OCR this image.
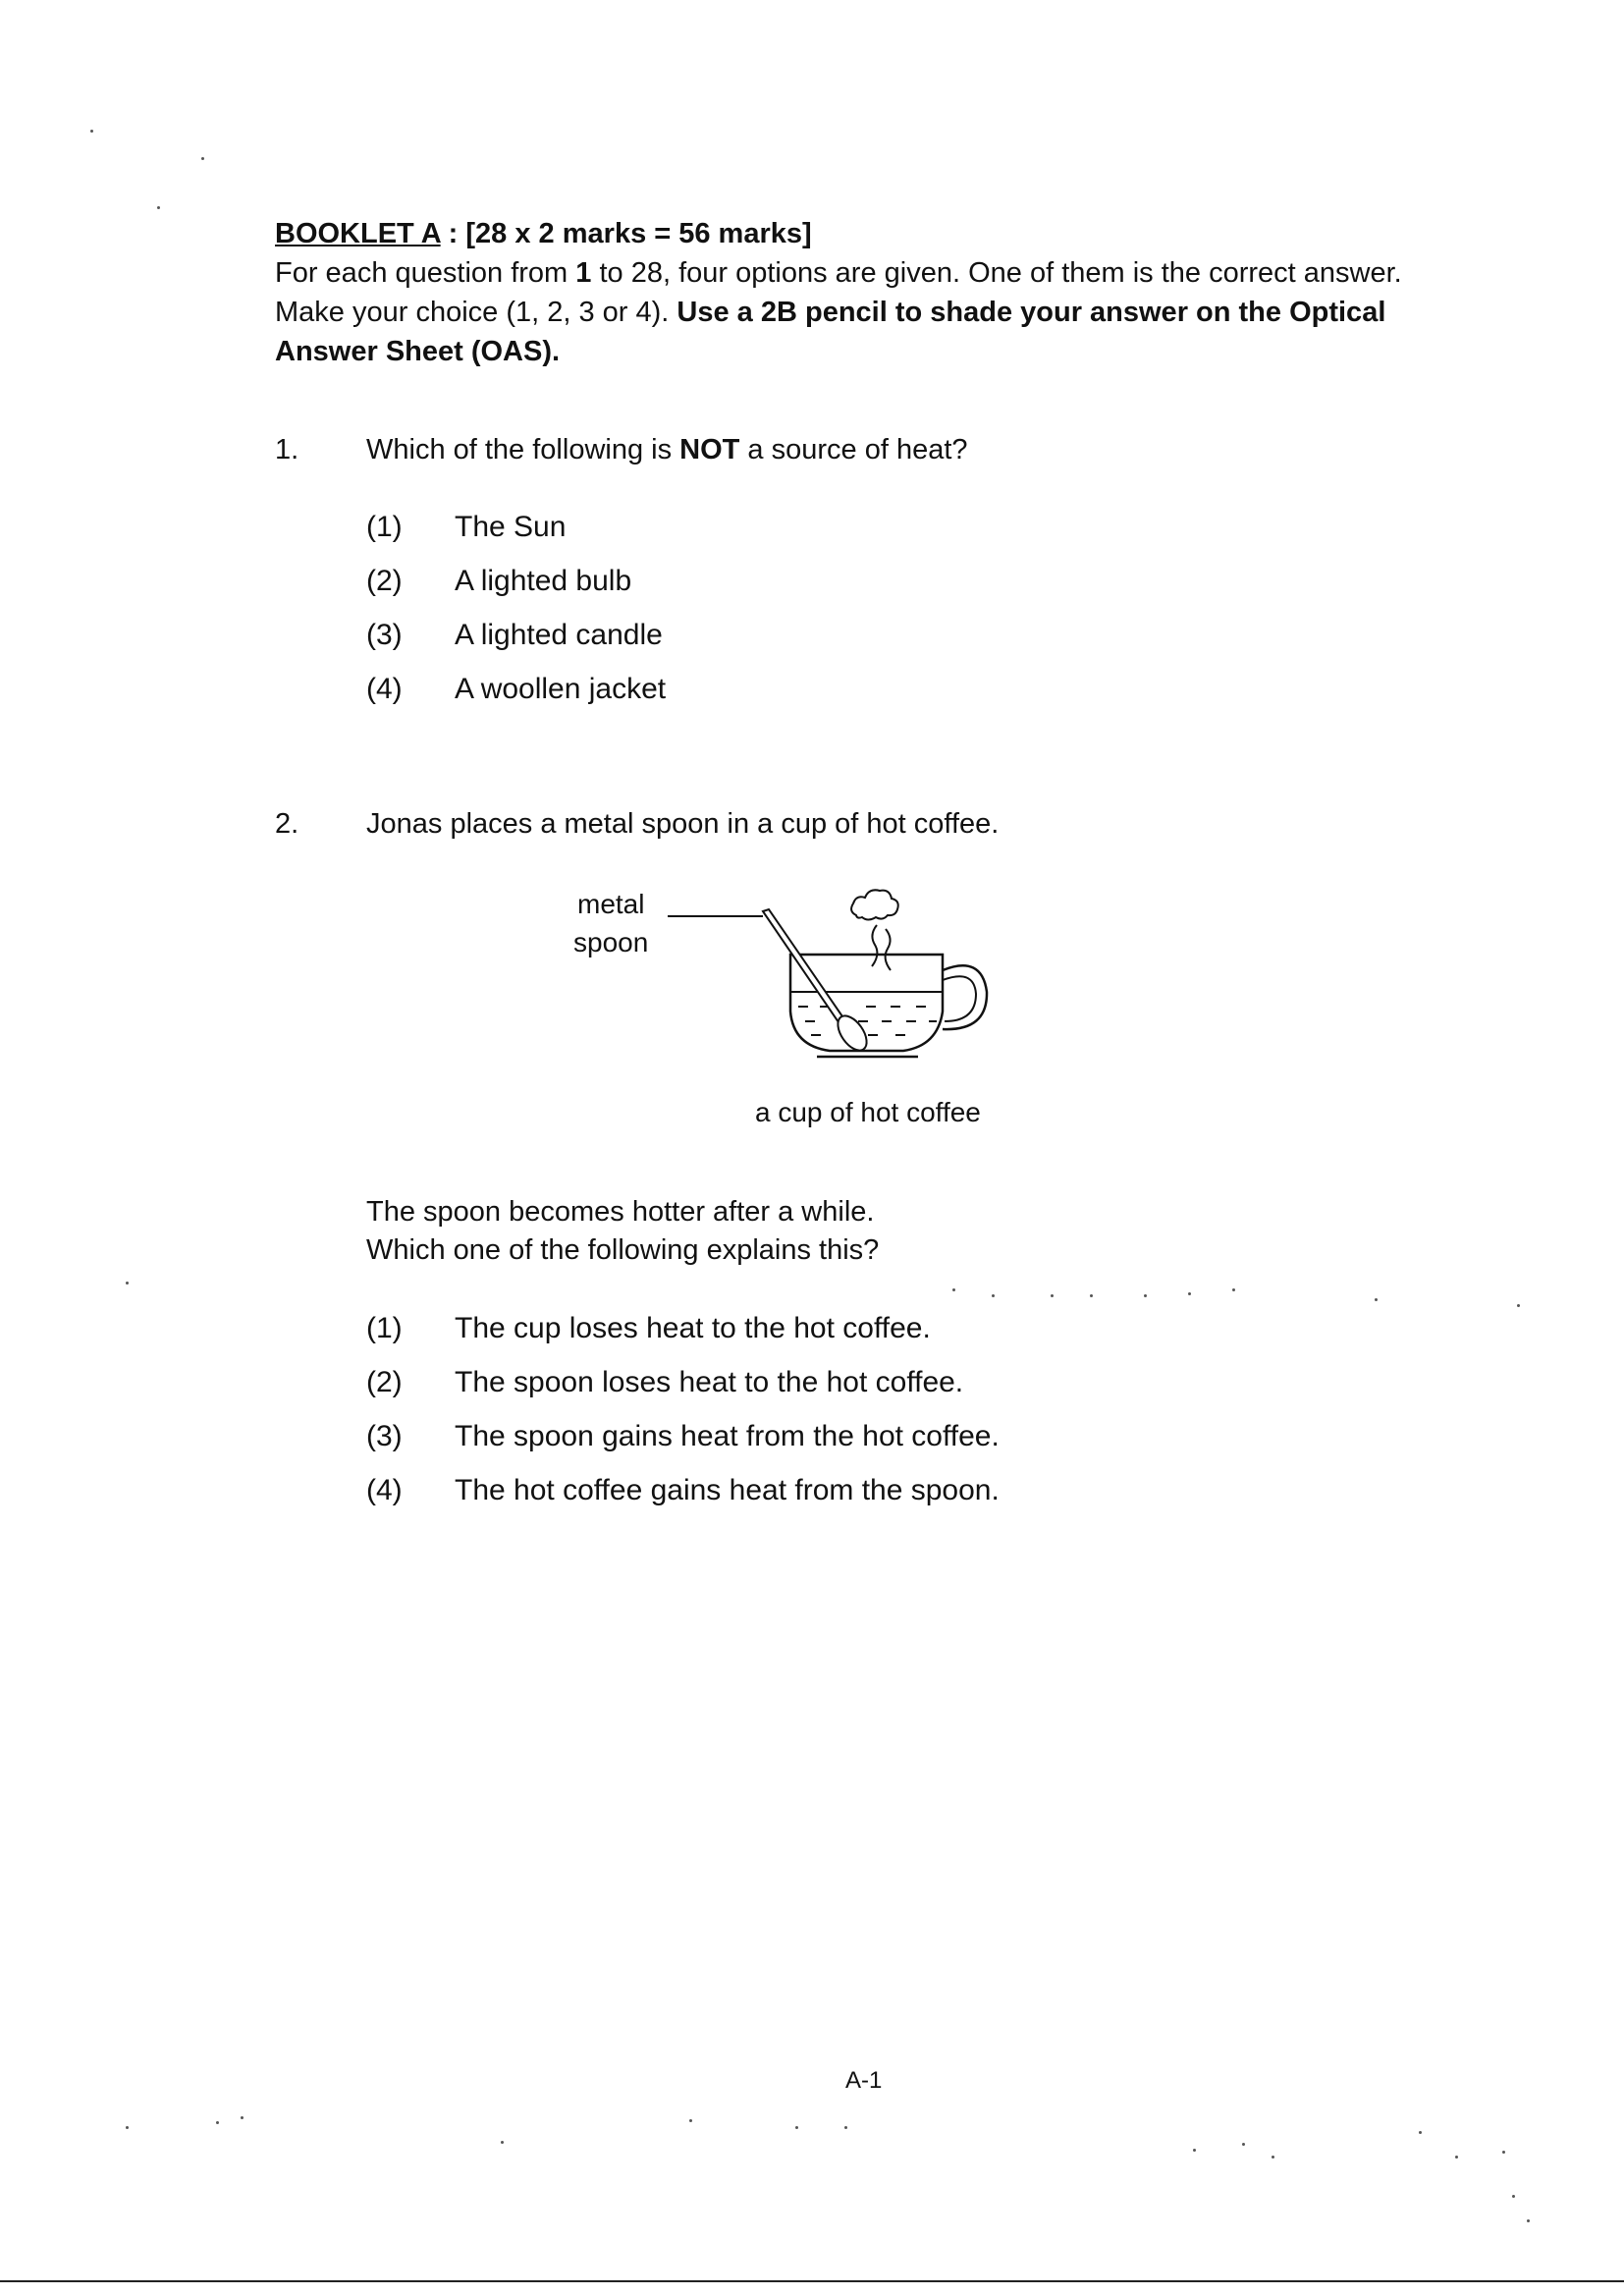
BOOKLET A : [28 x 2 marks = 56 marks]
For each question from 1 to 28, four options are given. One of them is the correct answer. Make your choice (1, 2, 3 or 4). Use a 2B pencil to shade your answer on the Optical Answer Sheet (OAS).
1. Which of the following is NOT a source of heat?
(1) The Sun
(2) A lighted bulb
(3) A lighted candle
(4) A woollen jacket
2. Jonas places a metal spoon in a cup of hot coffee.
metal
spoon
a cup of hot coffee
The spoon becomes hotter after a while.
Which one of the following explains this?
(1) The cup loses heat to the hot coffee.
(2) The spoon loses heat to the hot coffee.
(3) The spoon gains heat from the hot coffee.
(4) The hot coffee gains heat from the spoon.
A-1
